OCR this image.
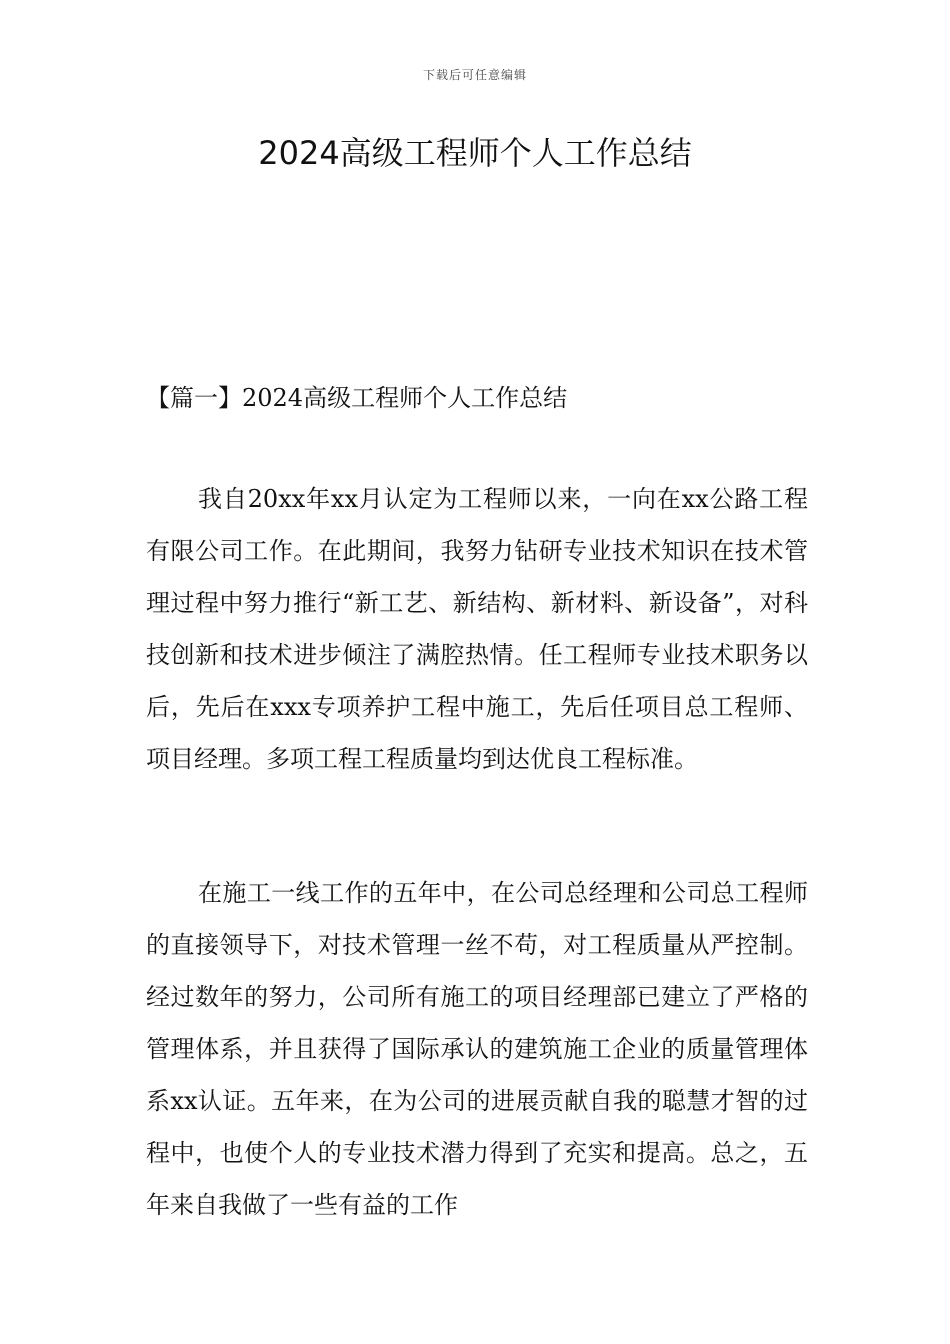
下载后可任意编辑
2024高级工程师个人工作总结

【篇一】2024高级工程师个人工作总结

我自20xx年xx月认定为工程师以来，一向在xx公路工程有限公司工作。在此期间，我努力钻研专业技术知识在技术管理过程中努力推行“新工艺、新结构、新材料、新设备”，对科技创新和技术进步倾注了满腔热情。任工程师专业技术职务以后，先后在xxx专项养护工程中施工，先后任项目总工程师、项目经理。多项工程工程质量均到达优良工程标准。

在施工一线工作的五年中，在公司总经理和公司总工程师的直接领导下，对技术管理一丝不苟，对工程质量从严控制。经过数年的努力，公司所有施工的项目经理部已建立了严格的管理体系，并且获得了国际承认的建筑施工企业的质量管理体系xx认证。五年来，在为公司的进展贡献自我的聪慧才智的过程中，也使个人的专业技术潜力得到了充实和提高。总之，五年来自我做了一些有益的工作
